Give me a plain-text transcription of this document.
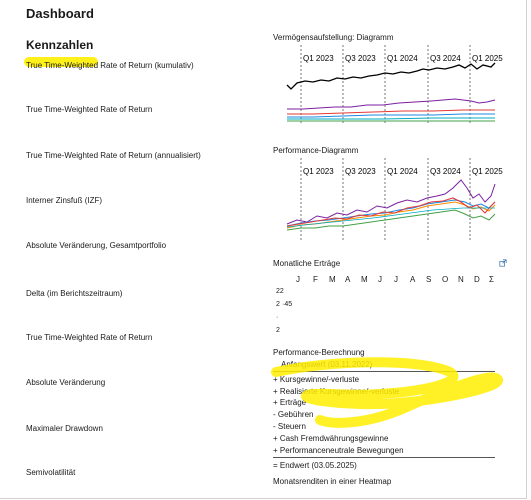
Dashboard
Kennzahlen
True Time-Weighted Rate of Return (kumulativ)
True Time-Weighted Rate of Return
True Time-Weighted Rate of Return (annualisiert)
Interner Zinsfuß (IZF)
Absolute Veränderung, Gesamtportfolio
Delta (im Berichtszeitraum)
True Time-Weighted Rate of Return
Absolute Veränderung
Maximaler Drawdown
Semivolatilität
Vermögensaufstellung: Diagramm
Q1 2023 Q3 2023 Q1 2024 Q3 2024 Q1 2025
Performance-Diagramm
Q1 2023 Q3 2023 Q1 2024 Q3 2024 Q1 2025
Monatliche Erträge
J F M A M J J A S O N D Σ
22
2 ·45
·
2
Performance-Berechnung
Anfangswert (03.11.2022)
+ Kursgewinne/-verluste
+ Realisierte Kursgewinne/-verluste
+ Erträge
- Gebühren
- Steuern
+ Cash Fremdwährungsgewinne
+ Performanceneutrale Bewegungen
= Endwert (03.05.2025)
Monatsrenditen in einer Heatmap
